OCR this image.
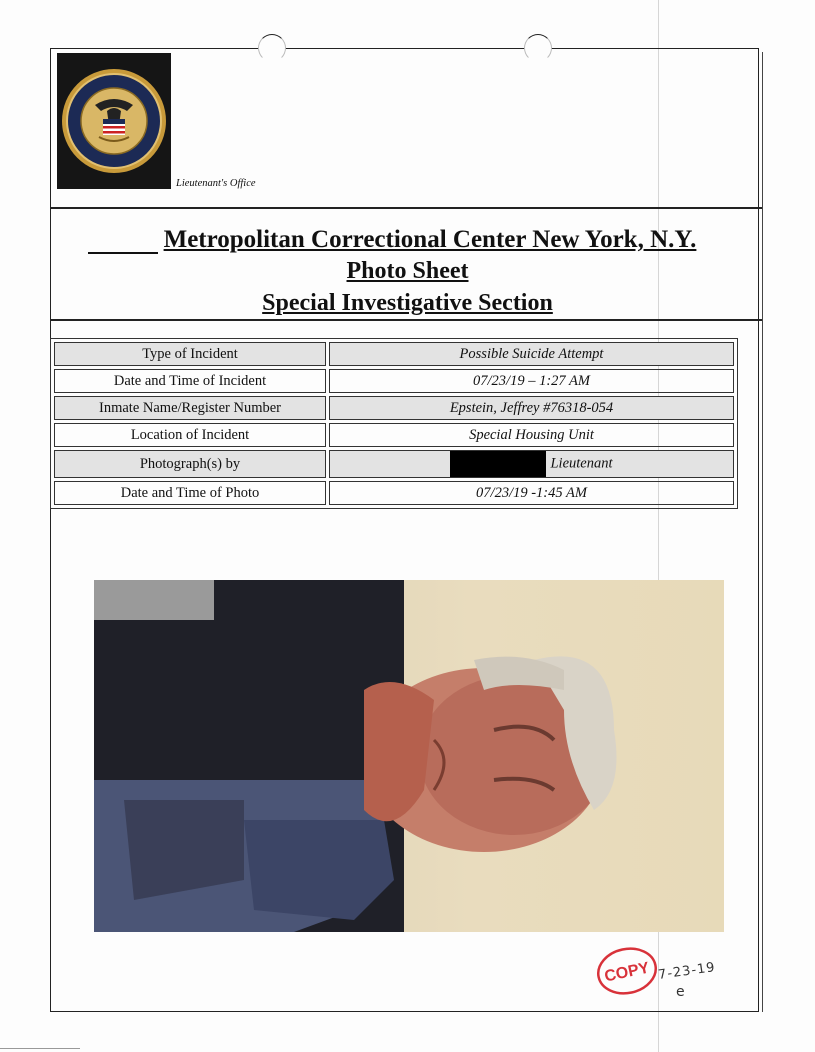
Lieutenant's Office
Metropolitan Correctional Center New York, N.Y.
Photo Sheet
Special Investigative Section
Type of Incident	Possible Suicide Attempt
Date and Time of Incident	07/23/19 – 1:27 AM
Inmate Name/Register Number	Epstein, Jeffrey #76318-054
Location of Incident	Special Housing Unit
Photograph(s) by	Lieutenant
Date and Time of Photo	07/23/19 -1:45 AM
COPY 7-23-19
e
